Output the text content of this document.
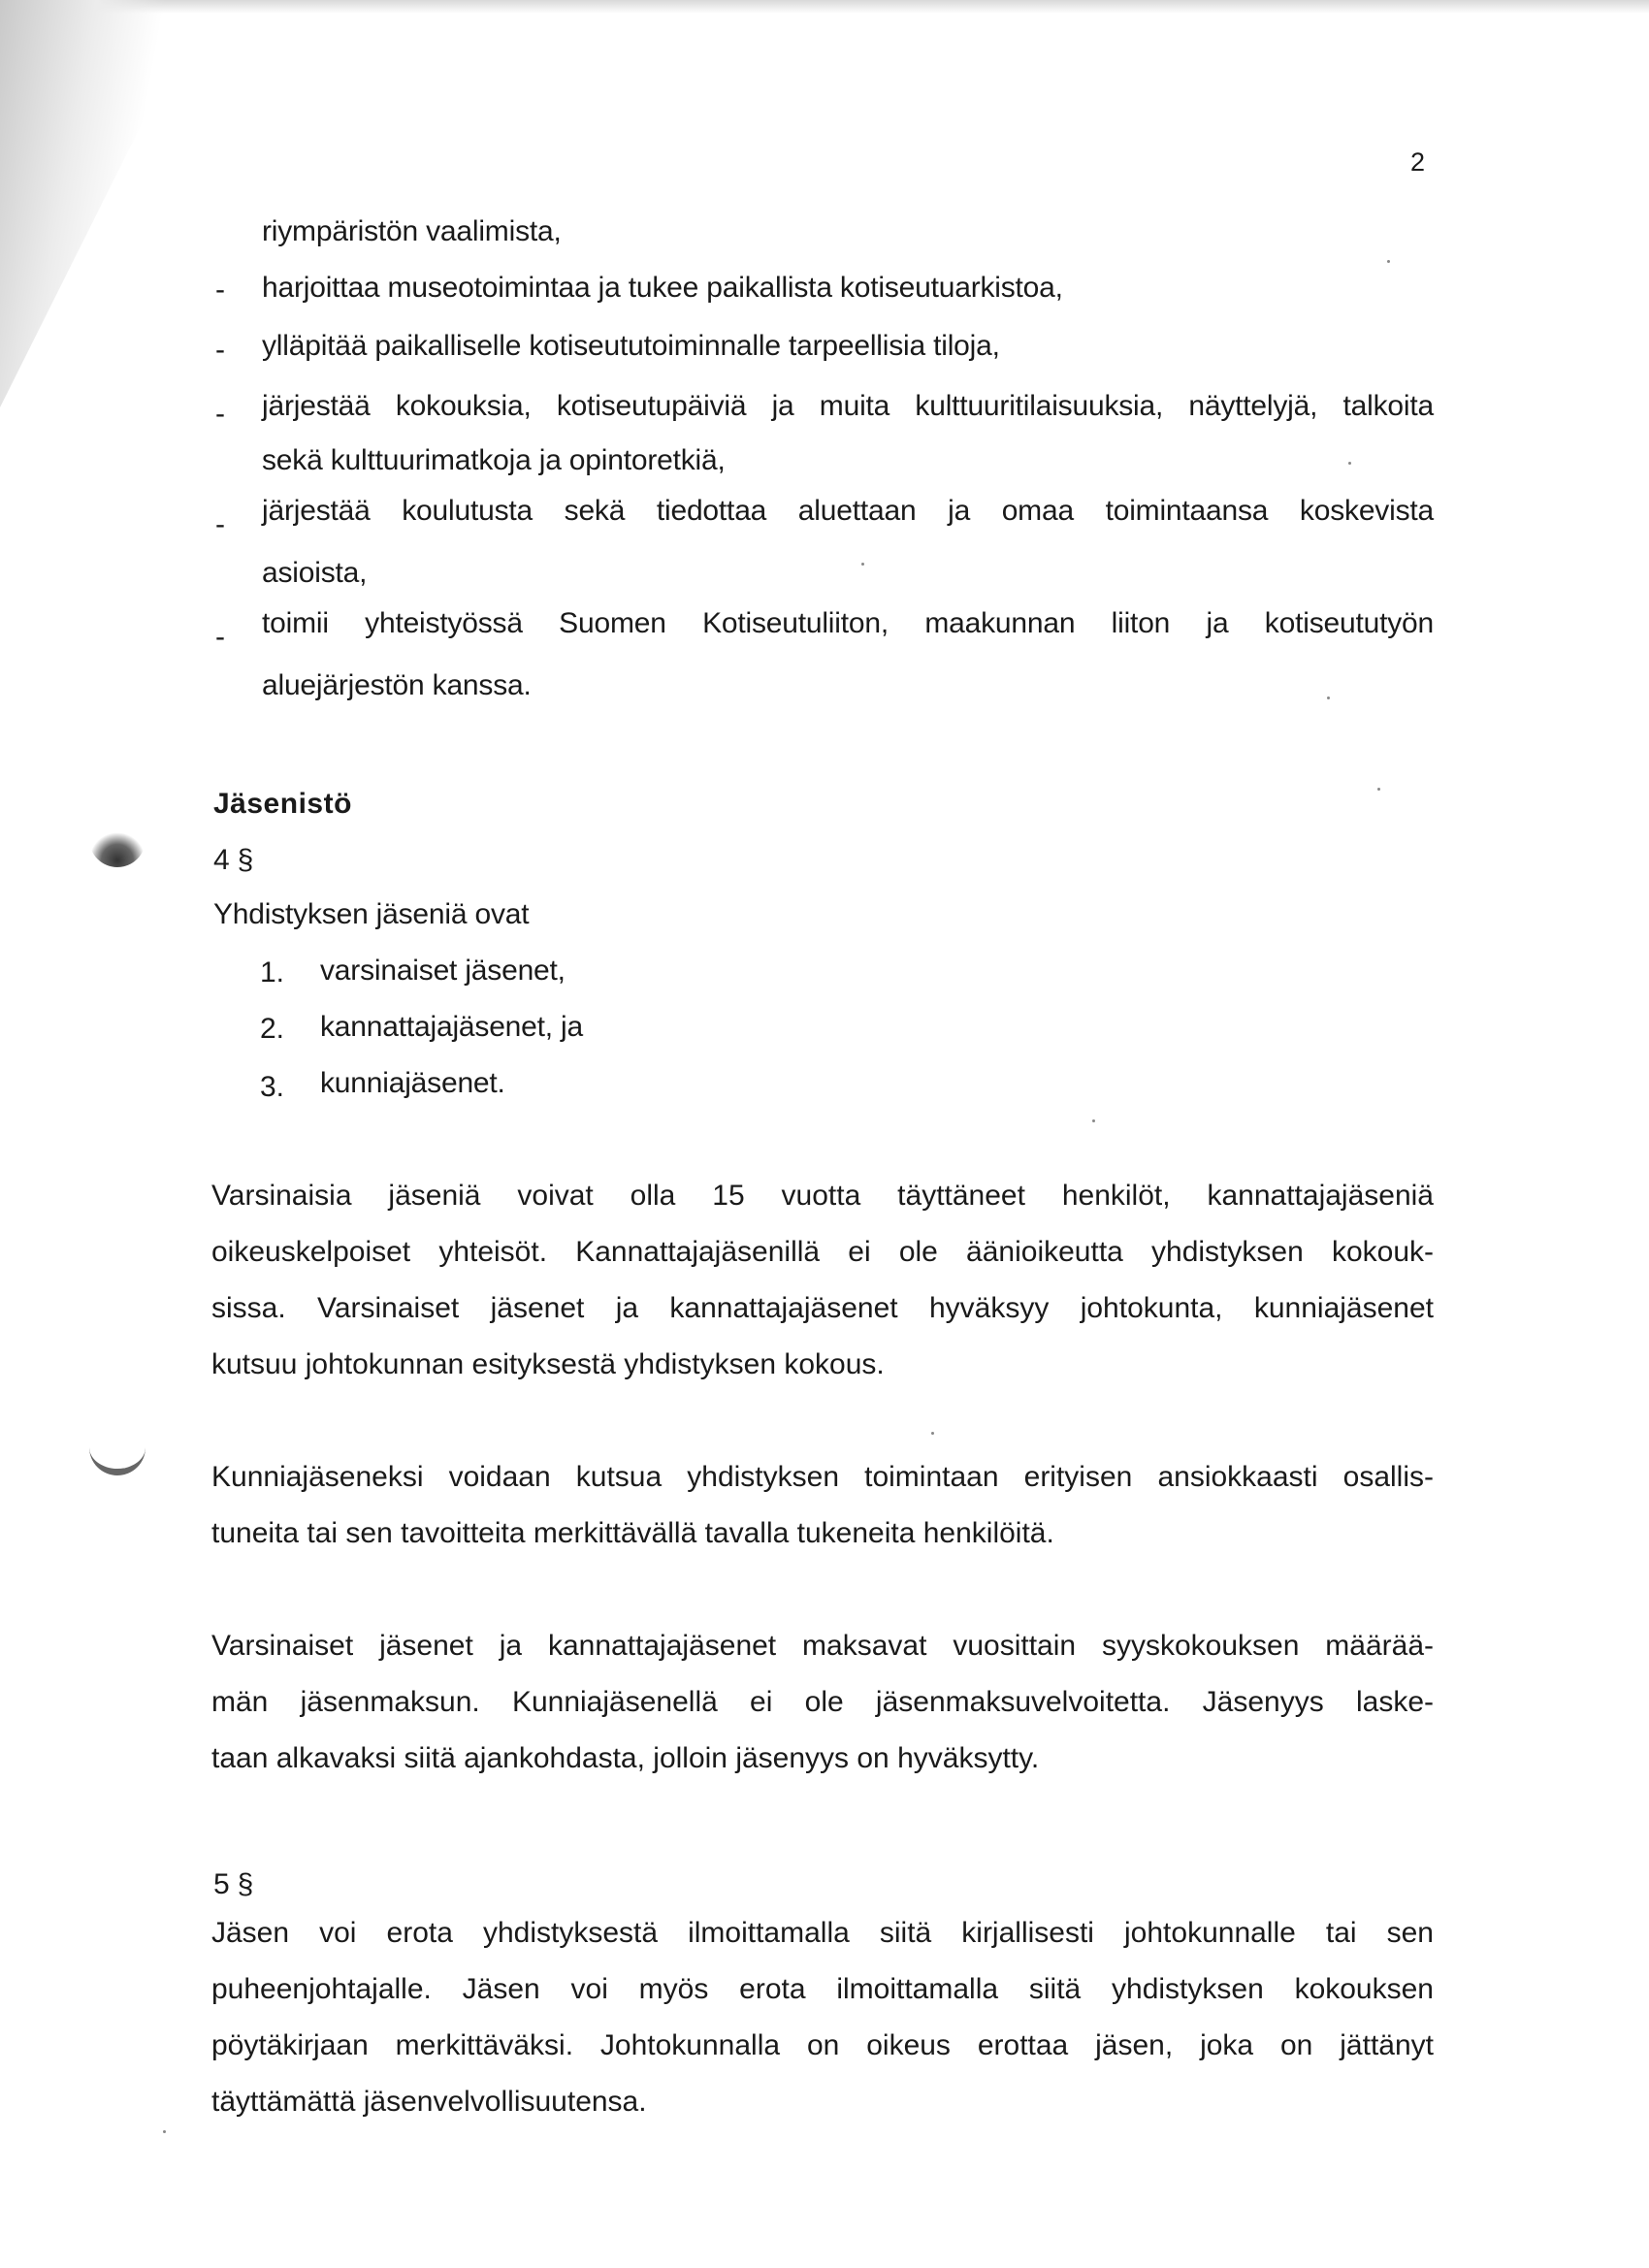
2
riympäristön vaalimista,
- harjoittaa museotoimintaa ja tukee paikallista kotiseutuarkistoa,
- ylläpitää paikalliselle kotiseututoiminnalle tarpeellisia tiloja,
- järjestää kokouksia, kotiseutupäiviä ja muita kulttuuritilaisuuksia, näyttelyjä, talkoita
sekä kulttuurimatkoja ja opintoretkiä,
- järjestää koulutusta sekä tiedottaa aluettaan ja omaa toimintaansa koskevista
asioista,
- toimii yhteistyössä Suomen Kotiseutuliiton, maakunnan liiton ja kotiseututyön
aluejärjestön kanssa.
Jäsenistö
4 §
Yhdistyksen jäseniä ovat
1. varsinaiset jäsenet,
2. kannattajajäsenet, ja
3. kunniajäsenet.
Varsinaisia jäseniä voivat olla 15 vuotta täyttäneet henkilöt, kannattajajäseniä
oikeuskelpoiset yhteisöt. Kannattajajäsenillä ei ole äänioikeutta yhdistyksen kokouk-
sissa. Varsinaiset jäsenet ja kannattajajäsenet hyväksyy johtokunta, kunniajäsenet
kutsuu johtokunnan esityksestä yhdistyksen kokous.
Kunniajäseneksi voidaan kutsua yhdistyksen toimintaan erityisen ansiokkaasti osallis-
tuneita tai sen tavoitteita merkittävällä tavalla tukeneita henkilöitä.
Varsinaiset jäsenet ja kannattajajäsenet maksavat vuosittain syyskokouksen määrää-
män jäsenmaksun. Kunniajäsenellä ei ole jäsenmaksuvelvoitetta. Jäsenyys laske-
taan alkavaksi siitä ajankohdasta, jolloin jäsenyys on hyväksytty.
5 §
Jäsen voi erota yhdistyksestä ilmoittamalla siitä kirjallisesti johtokunnalle tai sen
puheenjohtajalle. Jäsen voi myös erota ilmoittamalla siitä yhdistyksen kokouksen
pöytäkirjaan merkittäväksi. Johtokunnalla on oikeus erottaa jäsen, joka on jättänyt
täyttämättä jäsenvelvollisuutensa.
